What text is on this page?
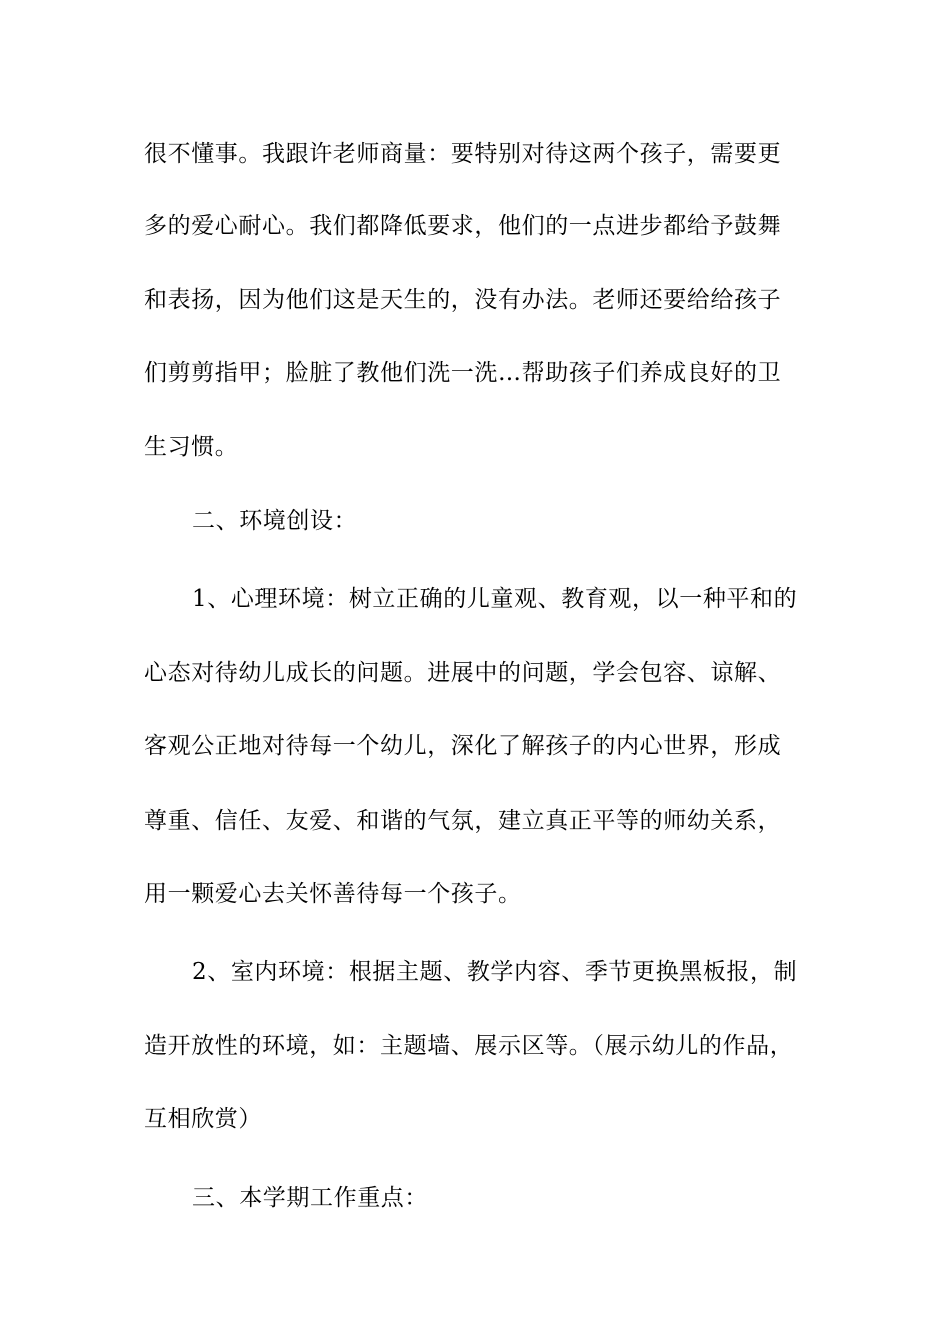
很不懂事。我跟许老师商量：要特别对待这两个孩子，需要更
多的爱心耐心。我们都降低要求，他们的一点进步都给予鼓舞
和表扬，因为他们这是天生的，没有办法。老师还要给给孩子
们剪剪指甲；脸脏了教他们洗一洗…帮助孩子们养成良好的卫
生习惯。
二、环境创设：
1、心理环境：树立正确的儿童观、教育观，以一种平和的
心态对待幼儿成长的问题。进展中的问题，学会包容、谅解、
客观公正地对待每一个幼儿，深化了解孩子的内心世界，形成
尊重、信任、友爱、和谐的气氛，建立真正平等的师幼关系，
用一颗爱心去关怀善待每一个孩子。
2、室内环境：根据主题、教学内容、季节更换黑板报，制
造开放性的环境，如：主题墙、展示区等。（展示幼儿的作品，
互相欣赏）
三、本学期工作重点：
